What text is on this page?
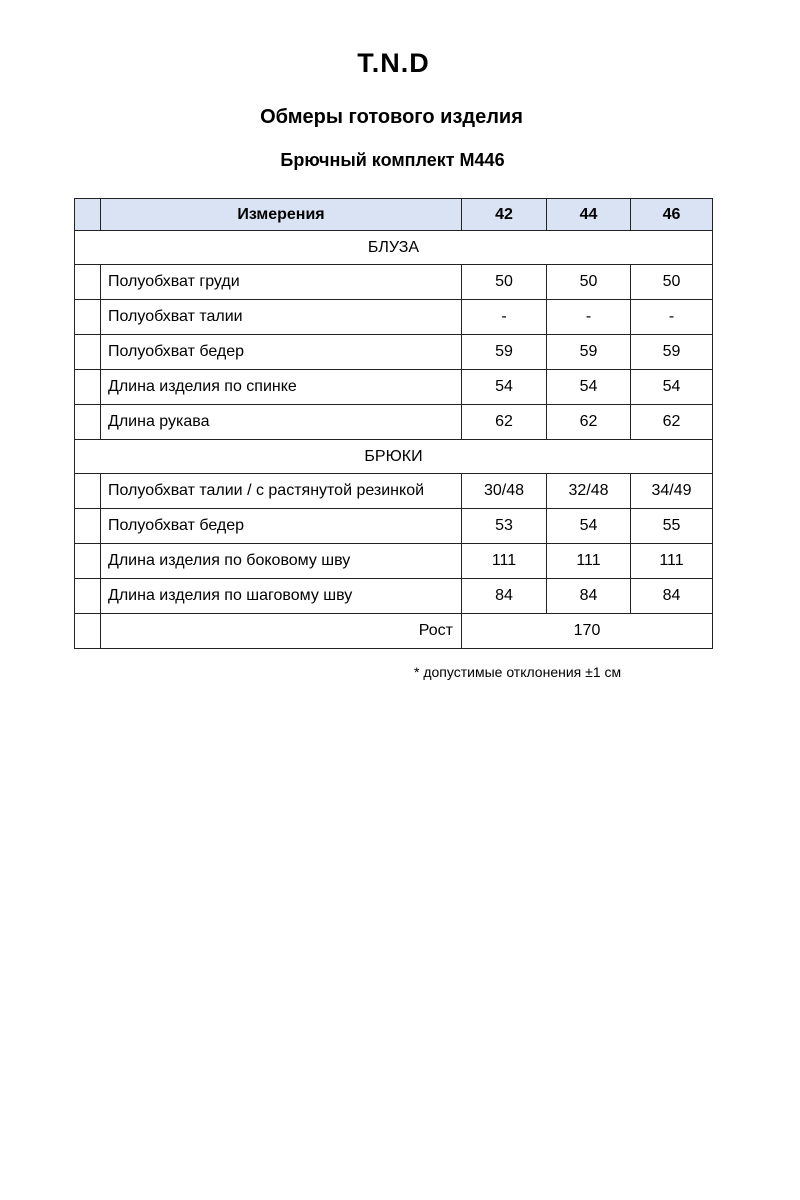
T.N.D
Обмеры готового изделия
Брючный комплект М446
	Измерения	42	44	46
БЛУЗА				
	Полуобхват груди	50	50	50
	Полуобхват талии	-	-	-
	Полуобхват бедер	59	59	59
	Длина изделия по спинке	54	54	54
	Длина рукава	62	62	62
БРЮКИ				
	Полуобхват талии / с растянутой резинкой	30/48	32/48	34/49
	Полуобхват бедер	53	54	55
	Длина изделия по боковому шву	111	111	111
	Длина изделия по шаговому шву	84	84	84
	Рост	170		
* допустимые отклонения ±1 см
